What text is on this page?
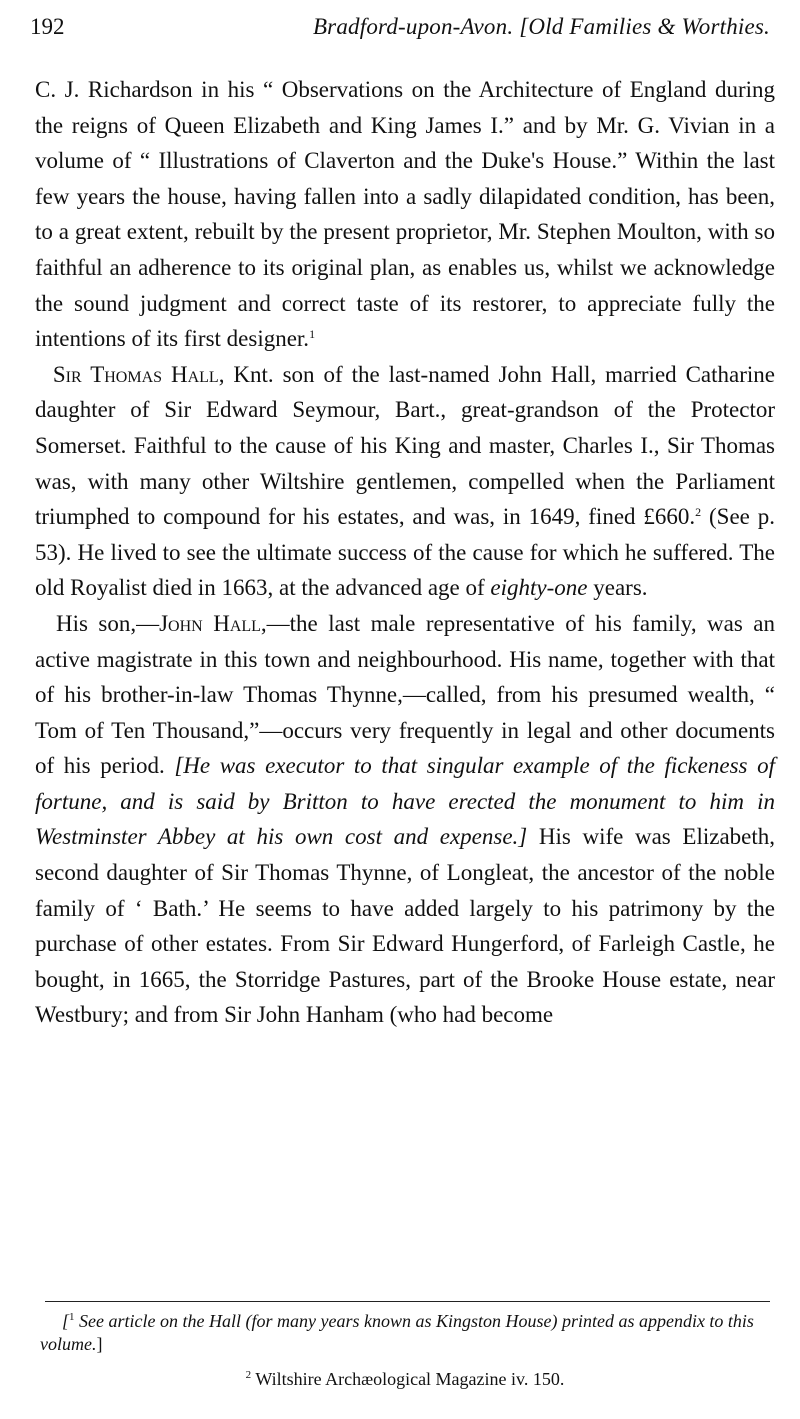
192	Bradford-upon-Avon. [Old Families & Worthies.

C. J. Richardson in his “ Observations on the Architecture of England during the reigns of Queen Elizabeth and King James I.” and by Mr. G. Vivian in a volume of “ Illustrations of Claverton and the Duke's House.” Within the last few years the house, having fallen into a sadly dilapidated condition, has been, to a great extent, rebuilt by the present proprietor, Mr. Stephen Moulton, with so faithful an adherence to its original plan, as enables us, whilst we acknowledge the sound judgment and correct taste of its restorer, to appreciate fully the intentions of its first designer.$^1$

Sir Thomas Hall, Knt. son of the last-named John Hall, married Catharine daughter of Sir Edward Seymour, Bart., great-grandson of the Protector Somerset. Faithful to the cause of his King and master, Charles I., Sir Thomas was, with many other Wiltshire gentlemen, compelled when the Parliament triumphed to compound for his estates, and was, in 1649, fined £660.$^2$ (See p. 53). He lived to see the ultimate success of the cause for which he suffered. The old Royalist died in 1663, at the advanced age of eighty-one years.

His son,—John Hall,—the last male representative of his family, was an active magistrate in this town and neighbourhood. His name, together with that of his brother-in-law Thomas Thynne,—called, from his presumed wealth, “ Tom of Ten Thousand,”—occurs very frequently in legal and other documents of his period. [He was executor to that singular example of the fickeness of fortune, and is said by Britton to have erected the monument to him in Westminster Abbey at his own cost and expense.] His wife was Elizabeth, second daughter of Sir Thomas Thynne, of Longleat, the ancestor of the noble family of ‘ Bath.’ He seems to have added largely to his patrimony by the purchase of other estates. From Sir Edward Hungerford, of Farleigh Castle, he bought, in 1665, the Storridge Pastures, part of the Brooke House estate, near Westbury; and from Sir John Hanham (who had become

[$^1$ See article on the Hall (for many years known as Kingston House) printed as appendix to this volume.]

$^2$ Wiltshire Archæological Magazine iv. 150.
